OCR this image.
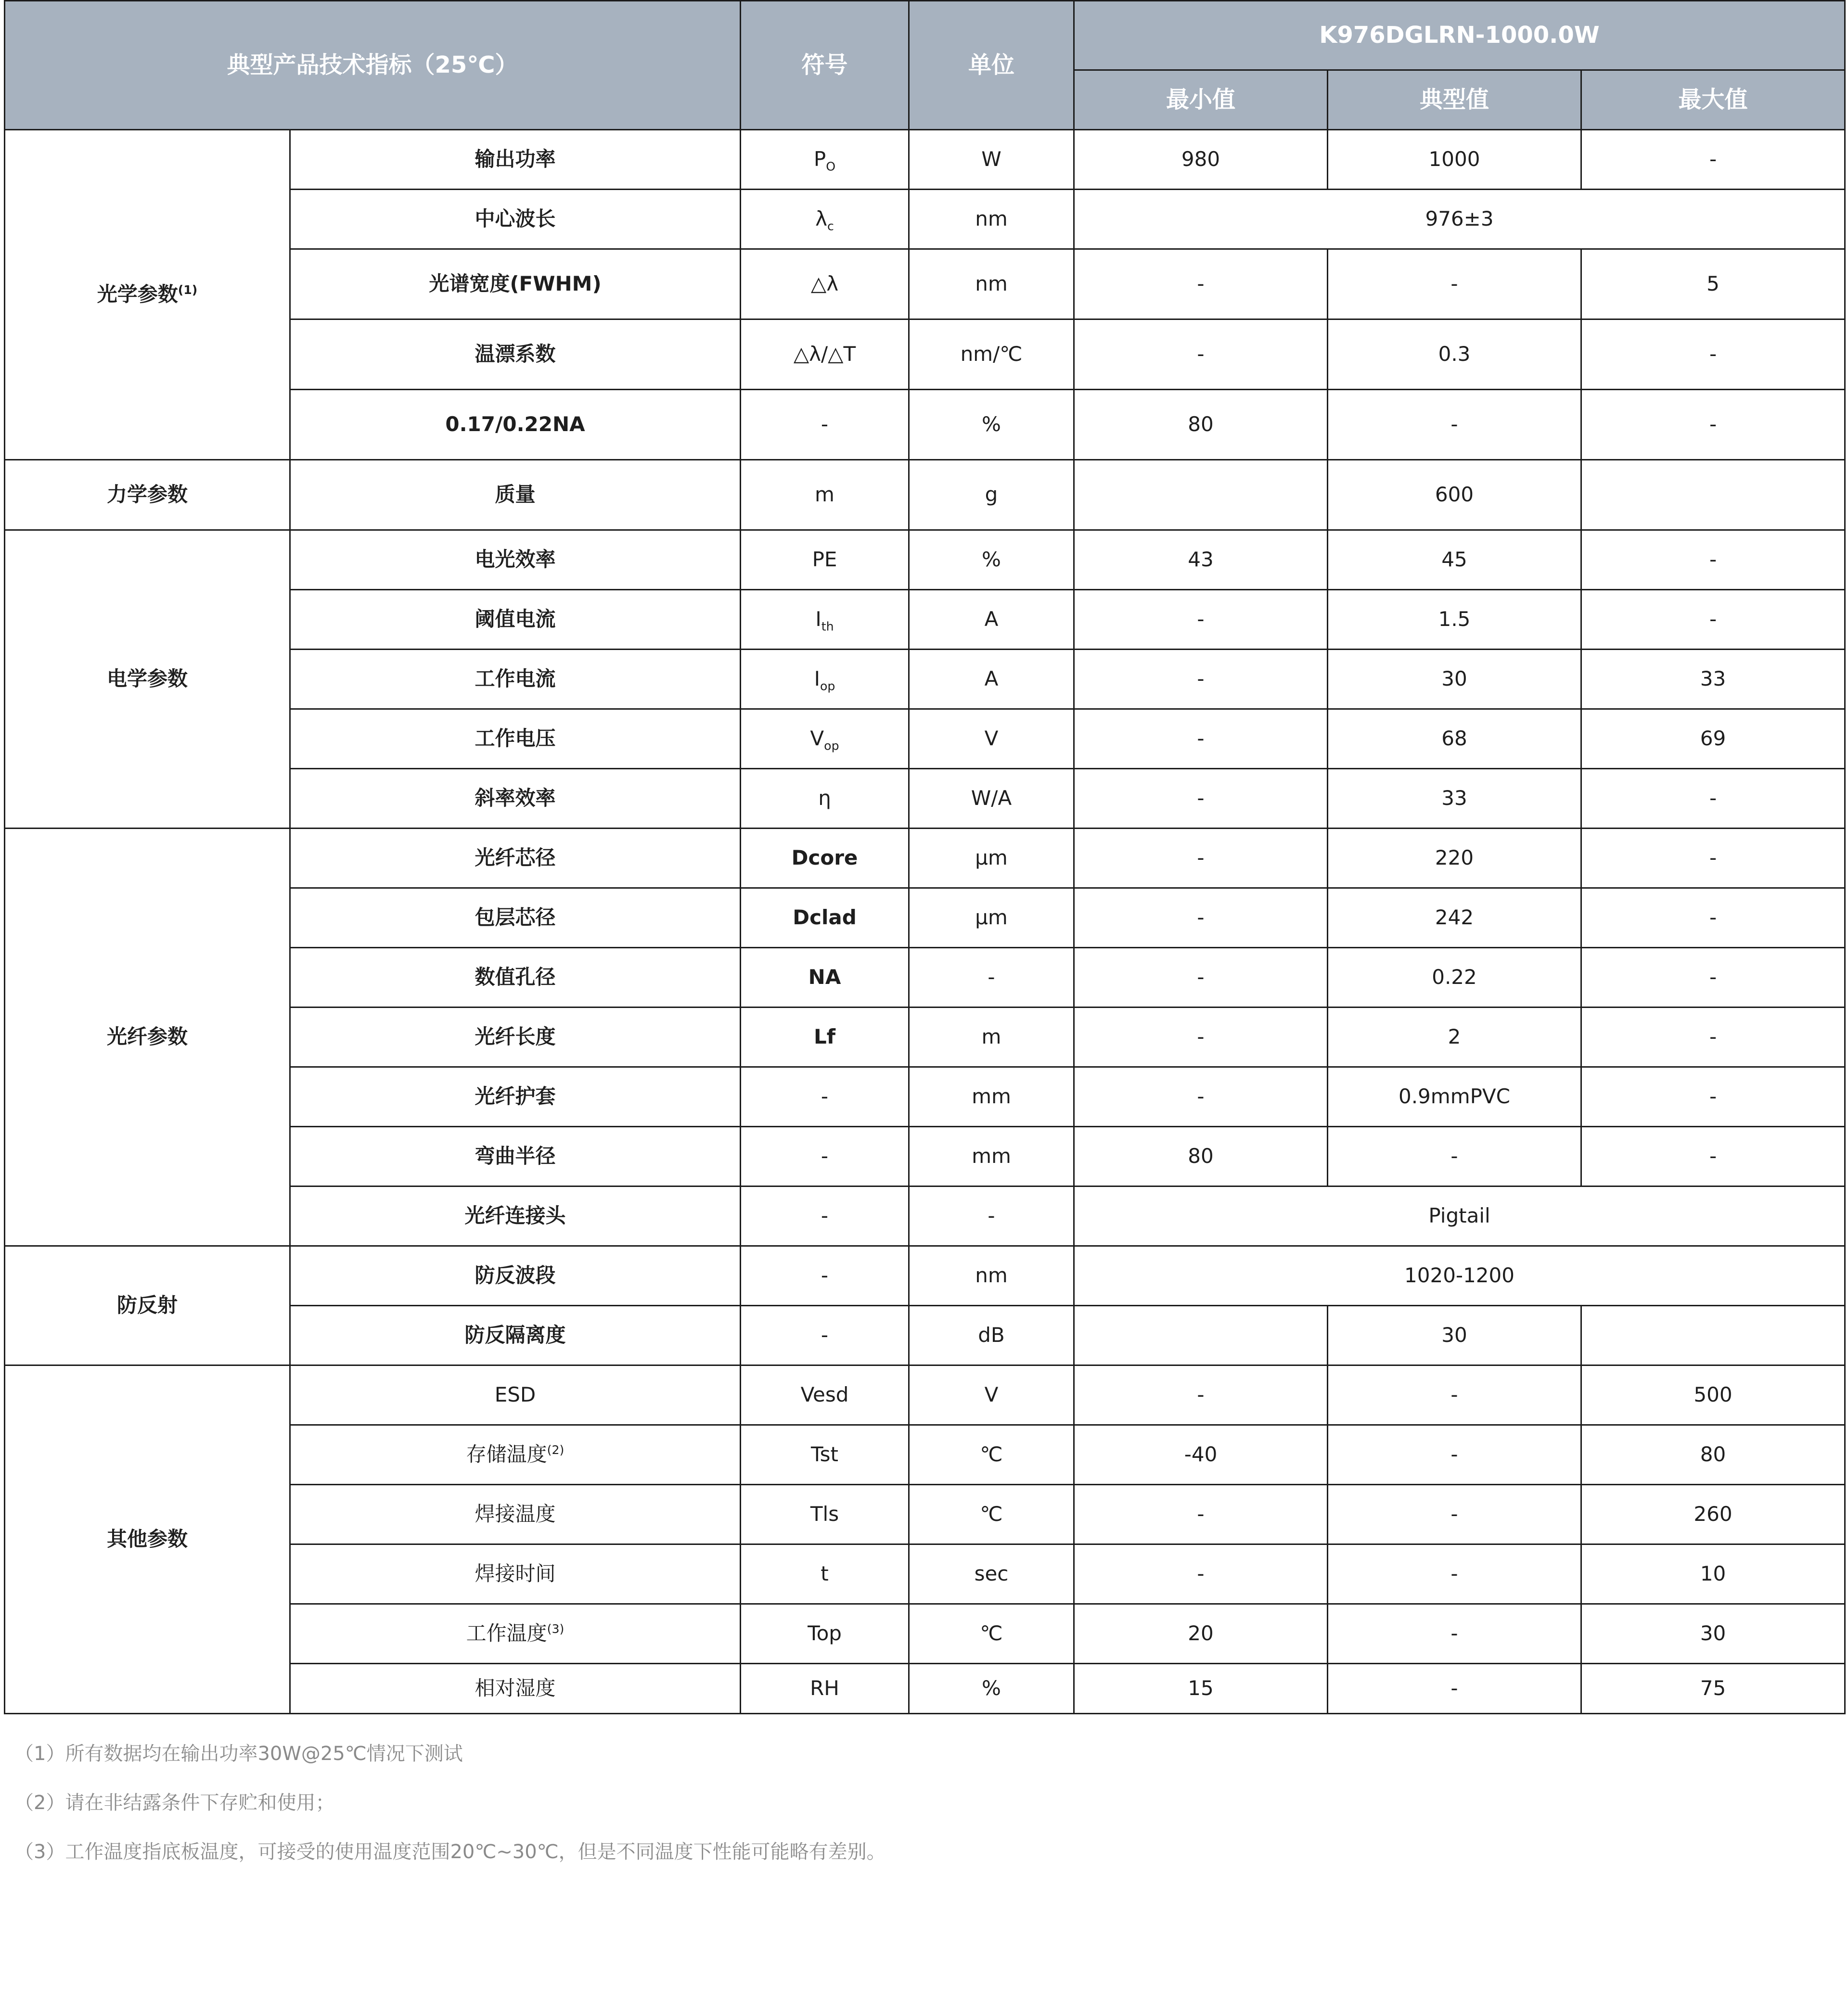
典型产品技术指标（25℃）		符号	单位	K976DGLRN-1000.0W		
				最小值	典型值	最大值
光学参数$^{(1)}$	输出功率	$P_O$	W	980	1000	-
	中心波长	$\lambda_c$	nm	976±3		
	光谱宽度(FWHM)	△λ	nm	-	-	5
	温漂系数	△λ/△T	nm/℃	-	0.3	-
	0.17/0.22NA	-	%	80	-	-
力学参数	质量	m	g		600	
电学参数	电光效率	PE	%	43	45	-
	阈值电流	$I_{th}$	A	-	1.5	-
	工作电流	$I_{op}$	A	-	30	33
	工作电压	$V_{op}$	V	-	68	69
	斜率效率	η	W/A	-	33	-
光纤参数	光纤芯径	Dcore	μm	-	220	-
	包层芯径	Dclad	μm	-	242	-
	数值孔径	NA	-	-	0.22	-
	光纤长度	Lf	m	-	2	-
	光纤护套	-	mm	-	0.9mmPVC	-
	弯曲半径	-	mm	80	-	-
	光纤连接头	-	-	Pigtail		
防反射	防反波段	-	nm	1020-1200		
	防反隔离度	-	dB		30	
其他参数	ESD	Vesd	V	-	-	500
	存储温度$^{(2)}$	Tst	℃	-40	-	80
	焊接温度	Tls	℃	-	-	260
	焊接时间	t	sec	-	-	10
	工作温度$^{(3)}$	Top	℃	20	-	30
	相对湿度	RH	%	15	-	75
（1）所有数据均在输出功率30W@25℃情况下测试
（2）请在非结露条件下存贮和使用；
（3）工作温度指底板温度，可接受的使用温度范围20℃~30℃，但是不同温度下性能可能略有差别。
